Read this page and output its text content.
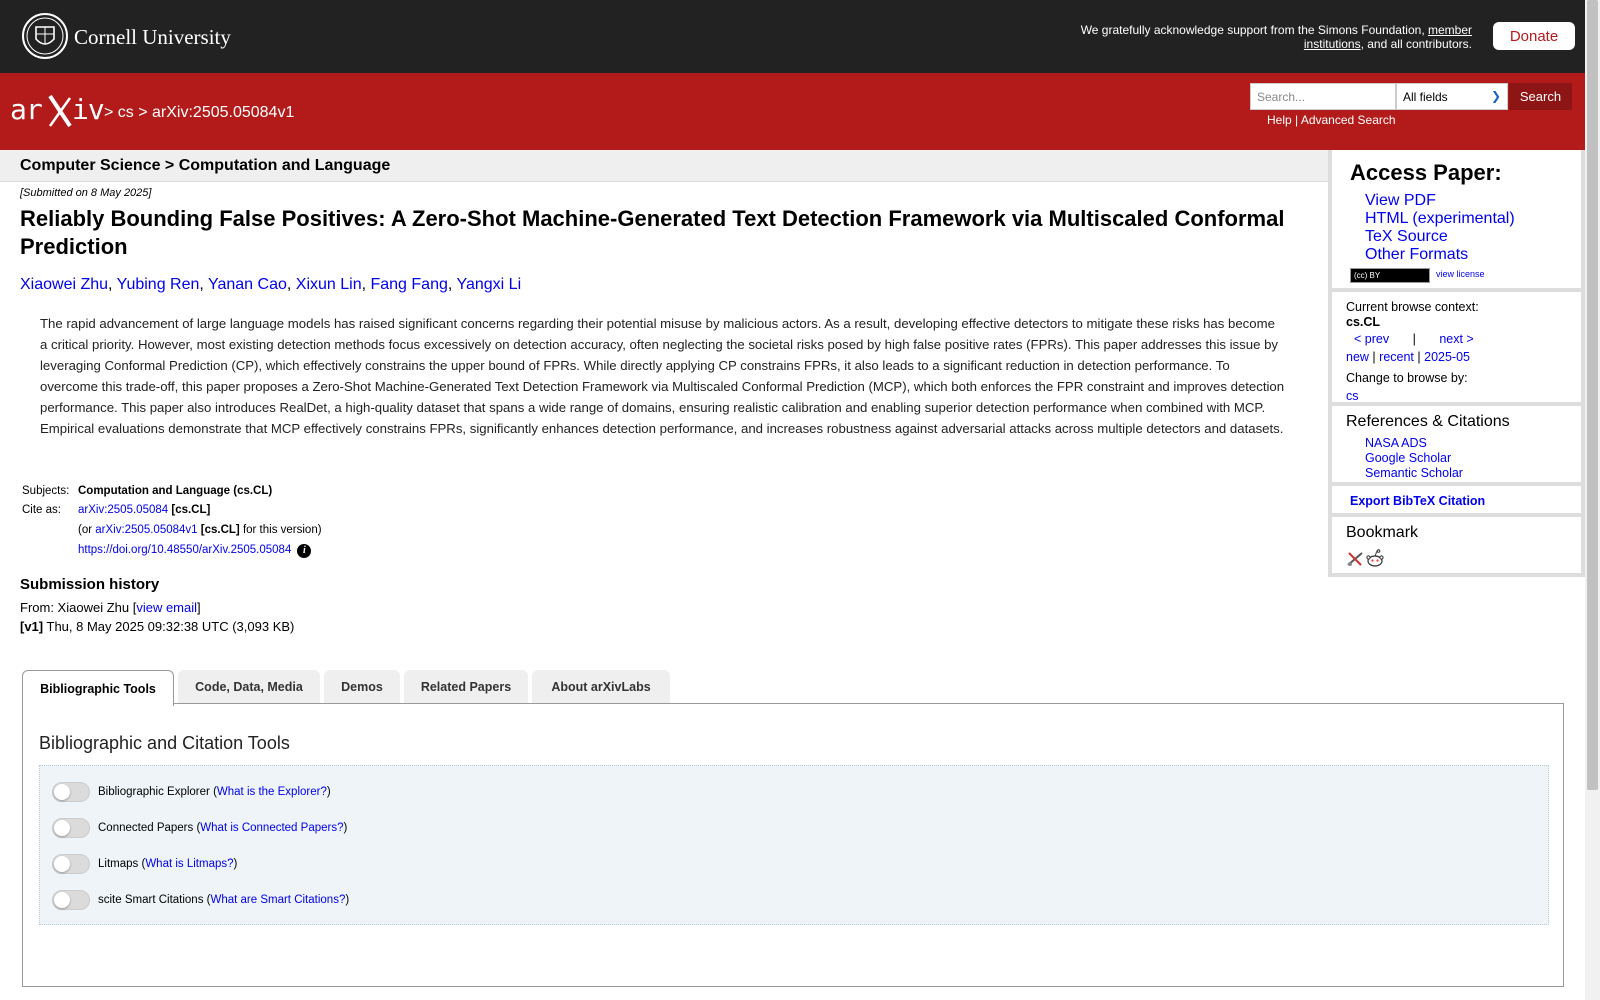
Cornell University	We gratefully acknowledge support from the Simons Foundation, member institutions, and all contributors.	Donate
ar iv > cs > arXiv:2505.05084v1
Search...	All fields	❯	Search
Help | Advanced Search
Computer Science > Computation and Language
[Submitted on 8 May 2025]
Reliably Bounding False Positives: A Zero-Shot Machine-Generated Text Detection Framework via Multiscaled Conformal Prediction
Xiaowei Zhu, Yubing Ren, Yanan Cao, Xixun Lin, Fang Fang, Yangxi Li
The rapid advancement of large language models has raised significant concerns regarding their potential misuse by malicious actors. As a result, developing effective detectors to mitigate these risks has become a critical priority. However, most existing detection methods focus excessively on detection accuracy, often neglecting the societal risks posed by high false positive rates (FPRs). This paper addresses this issue by leveraging Conformal Prediction (CP), which effectively constrains the upper bound of FPRs. While directly applying CP constrains FPRs, it also leads to a significant reduction in detection performance. To overcome this trade-off, this paper proposes a Zero-Shot Machine-Generated Text Detection Framework via Multiscaled Conformal Prediction (MCP), which both enforces the FPR constraint and improves detection performance. This paper also introduces RealDet, a high-quality dataset that spans a wide range of domains, ensuring realistic calibration and enabling superior detection performance when combined with MCP. Empirical evaluations demonstrate that MCP effectively constrains FPRs, significantly enhances detection performance, and increases robustness against adversarial attacks across multiple detectors and datasets.
Subjects: Computation and Language (cs.CL)
Cite as: arXiv:2505.05084 [cs.CL]
(or arXiv:2505.05084v1 [cs.CL] for this version)
https://doi.org/10.48550/arXiv.2505.05084 i
Submission history
From: Xiaowei Zhu [view email]
[v1] Thu, 8 May 2025 09:32:38 UTC (3,093 KB)
Bibliographic Tools	Code, Data, Media	Demos	Related Papers	About arXivLabs
Bibliographic and Citation Tools
Bibliographic Explorer ( What is the Explorer? )
Connected Papers ( What is Connected Papers? )
Litmaps ( What is Litmaps? )
scite Smart Citations ( What are Smart Citations? )
Access Paper:
View PDF
HTML (experimental)
TeX Source
Other Formats
(cc) BY	view license
Current browse context:
cs.CL
< prev | next >
new | recent | 2025-05
Change to browse by:
cs
References & Citations
NASA ADS
Google Scholar
Semantic Scholar
Export BibTeX Citation
Bookmark
